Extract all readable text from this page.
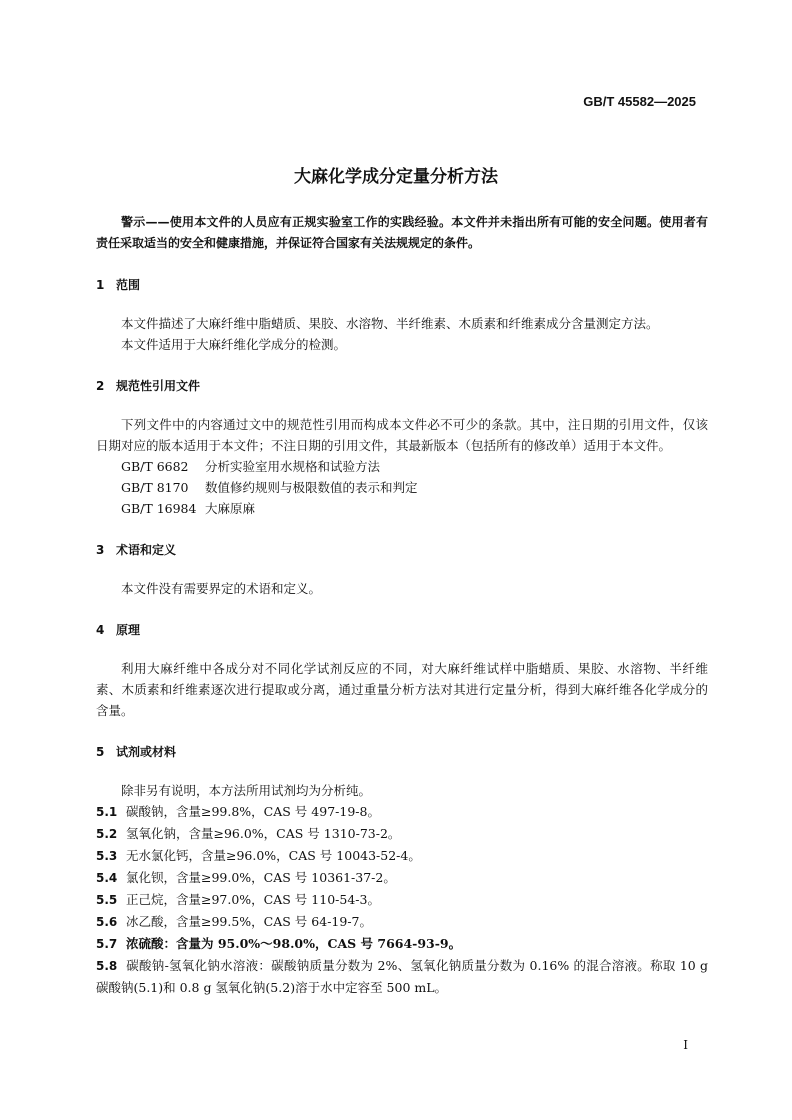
GB/T 45582—2025
大麻化学成分定量分析方法

警示——使用本文件的人员应有正规实验室工作的实践经验。本文件并未指出所有可能的安全问题。使用者有责任采取适当的安全和健康措施，并保证符合国家有关法规规定的条件。

1 范围

本文件描述了大麻纤维中脂蜡质、果胶、水溶物、半纤维素、木质素和纤维素成分含量测定方法。

本文件适用于大麻纤维化学成分的检测。

2 规范性引用文件

下列文件中的内容通过文中的规范性引用而构成本文件必不可少的条款。其中，注日期的引用文件，仅该日期对应的版本适用于本文件；不注日期的引用文件，其最新版本（包括所有的修改单）适用于本文件。

GB/T 6682 分析实验室用水规格和试验方法
GB/T 8170 数值修约规则与极限数值的表示和判定
GB/T 16984 大麻原麻
3 术语和定义

本文件没有需要界定的术语和定义。

4 原理

利用大麻纤维中各成分对不同化学试剂反应的不同，对大麻纤维试样中脂蜡质、果胶、水溶物、半纤维素、木质素和纤维素逐次进行提取或分离，通过重量分析方法对其进行定量分析，得到大麻纤维各化学成分的含量。

5 试剂或材料

除非另有说明，本方法所用试剂均为分析纯。

5.1 碳酸钠，含量≥99.8%，CAS 号 497-19-8。

5.2 氢氧化钠，含量≥96.0%，CAS 号 1310-73-2。

5.3 无水氯化钙，含量≥96.0%，CAS 号 10043-52-4。

5.4 氯化钡，含量≥99.0%，CAS 号 10361-37-2。

5.5 正己烷，含量≥97.0%，CAS 号 110-54-3。

5.6 冰乙酸，含量≥99.5%，CAS 号 64-19-7。

5.7 浓硫酸：含量为 95.0%～98.0%，CAS 号 7664-93-9。

5.8 碳酸钠-氢氧化钠水溶液：碳酸钠质量分数为 2%、氢氧化钠质量分数为 0.16% 的混合溶液。称取 10 g 碳酸钠(5.1)和 0.8 g 氢氧化钠(5.2)溶于水中定容至 500 mL。

I
